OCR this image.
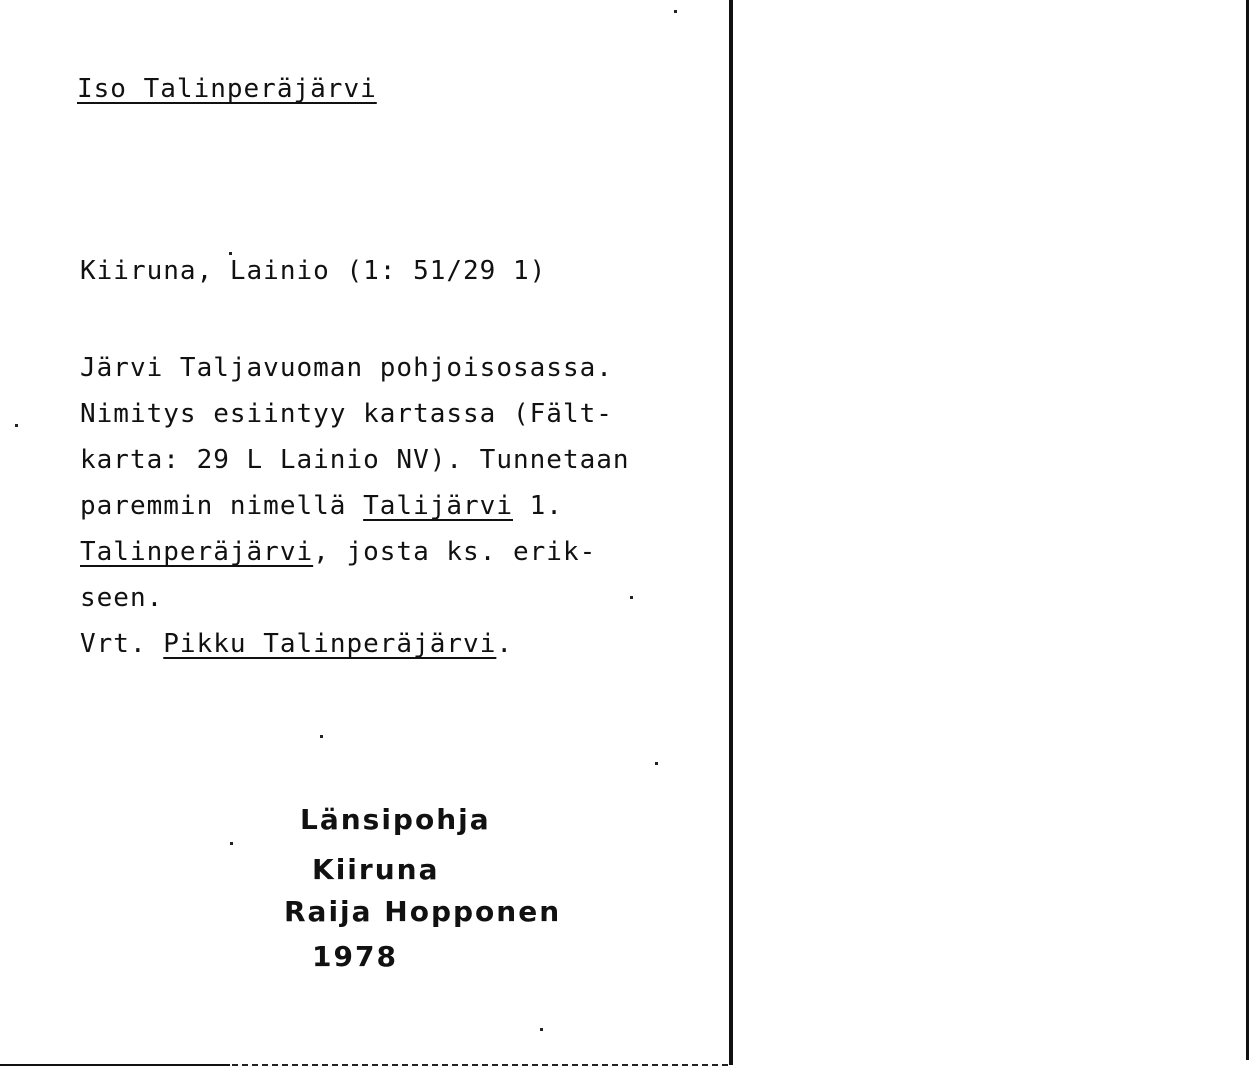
Iso Talinperäjärvi
Kiiruna, Lainio (1: 51/29 1)
Järvi Taljavuoman pohjoisosassa.
Nimitys esiintyy kartassa (Fält-
karta: 29 L Lainio NV). Tunnetaan
paremmin nimellä Talijärvi 1.
Talinperäjärvi, josta ks. erik-
seen.
Vrt. Pikku Talinperäjärvi.
Länsipohja
Kiiruna
Raija Hopponen
1978
